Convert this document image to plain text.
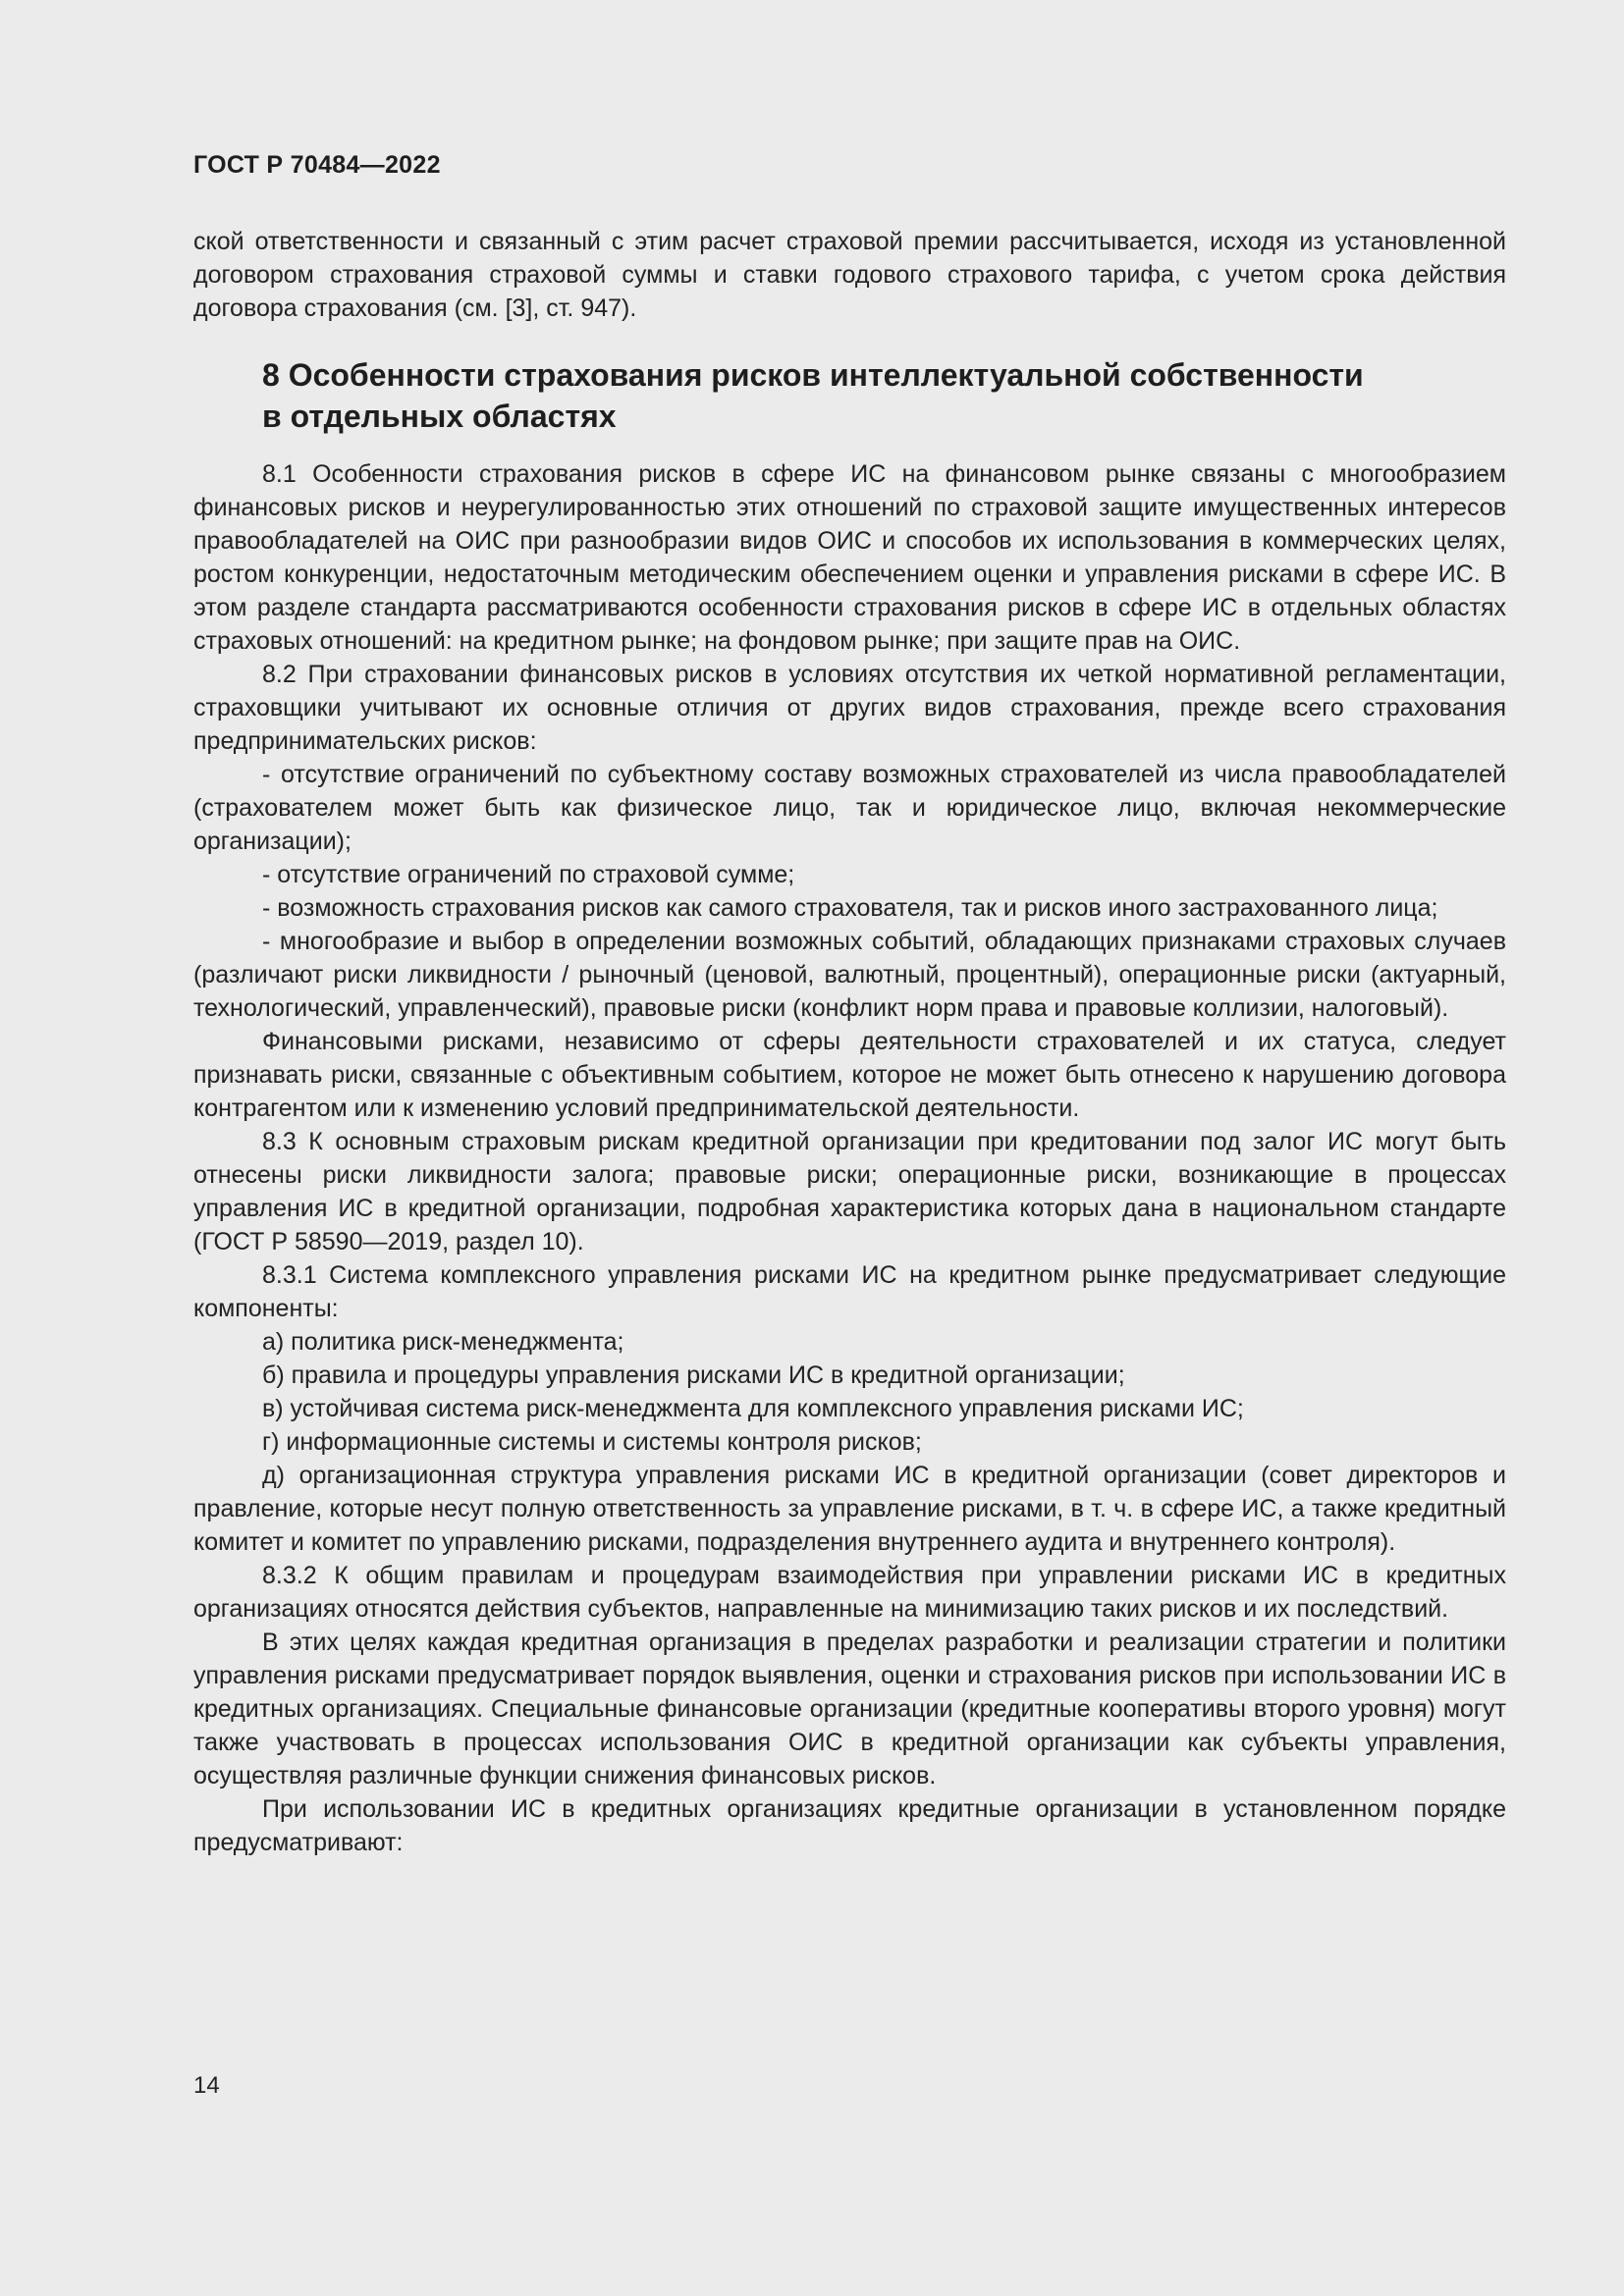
ГОСТ Р 70484—2022

ской ответственности и связанный с этим расчет страховой премии рассчитывается, исходя из установленной договором страхования страховой суммы и ставки годового страхового тарифа, с учетом срока действия договора страхования (см. [3], ст. 947).

8 Особенности страхования рисков интеллектуальной собственности
в отдельных областях

8.1 Особенности страхования рисков в сфере ИС на финансовом рынке связаны с многообразием финансовых рисков и неурегулированностью этих отношений по страховой защите имущественных интересов правообладателей на ОИС при разнообразии видов ОИС и способов их использования в коммерческих целях, ростом конкуренции, недостаточным методическим обеспечением оценки и управления рисками в сфере ИС. В этом разделе стандарта рассматриваются особенности страхования рисков в сфере ИС в отдельных областях страховых отношений: на кредитном рынке; на фондовом рынке; при защите прав на ОИС.

8.2 При страховании финансовых рисков в условиях отсутствия их четкой нормативной регламентации, страховщики учитывают их основные отличия от других видов страхования, прежде всего страхования предпринимательских рисков:

- отсутствие ограничений по субъектному составу возможных страхователей из числа правообладателей (страхователем может быть как физическое лицо, так и юридическое лицо, включая некоммерческие организации);

- отсутствие ограничений по страховой сумме;

- возможность страхования рисков как самого страхователя, так и рисков иного застрахованного лица;

- многообразие и выбор в определении возможных событий, обладающих признаками страховых случаев (различают риски ликвидности / рыночный (ценовой, валютный, процентный), операционные риски (актуарный, технологический, управленческий), правовые риски (конфликт норм права и правовые коллизии, налоговый).

Финансовыми рисками, независимо от сферы деятельности страхователей и их статуса, следует признавать риски, связанные с объективным событием, которое не может быть отнесено к нарушению договора контрагентом или к изменению условий предпринимательской деятельности.

8.3 К основным страховым рискам кредитной организации при кредитовании под залог ИС могут быть отнесены риски ликвидности залога; правовые риски; операционные риски, возникающие в процессах управления ИС в кредитной организации, подробная характеристика которых дана в национальном стандарте (ГОСТ Р 58590—2019, раздел 10).

8.3.1 Система комплексного управления рисками ИС на кредитном рынке предусматривает следующие компоненты:

а) политика риск-менеджмента;

б) правила и процедуры управления рисками ИС в кредитной организации;

в) устойчивая система риск-менеджмента для комплексного управления рисками ИС;

г) информационные системы и системы контроля рисков;

д) организационная структура управления рисками ИС в кредитной организации (совет директоров и правление, которые несут полную ответственность за управление рисками, в т. ч. в сфере ИС, а также кредитный комитет и комитет по управлению рисками, подразделения внутреннего аудита и внутреннего контроля).

8.3.2 К общим правилам и процедурам взаимодействия при управлении рисками ИС в кредитных организациях относятся действия субъектов, направленные на минимизацию таких рисков и их последствий.

В этих целях каждая кредитная организация в пределах разработки и реализации стратегии и политики управления рисками предусматривает порядок выявления, оценки и страхования рисков при использовании ИС в кредитных организациях. Специальные финансовые организации (кредитные кооперативы второго уровня) могут также участвовать в процессах использования ОИС в кредитной организации как субъекты управления, осуществляя различные функции снижения финансовых рисков.

При использовании ИС в кредитных организациях кредитные организации в установленном порядке предусматривают:

14
